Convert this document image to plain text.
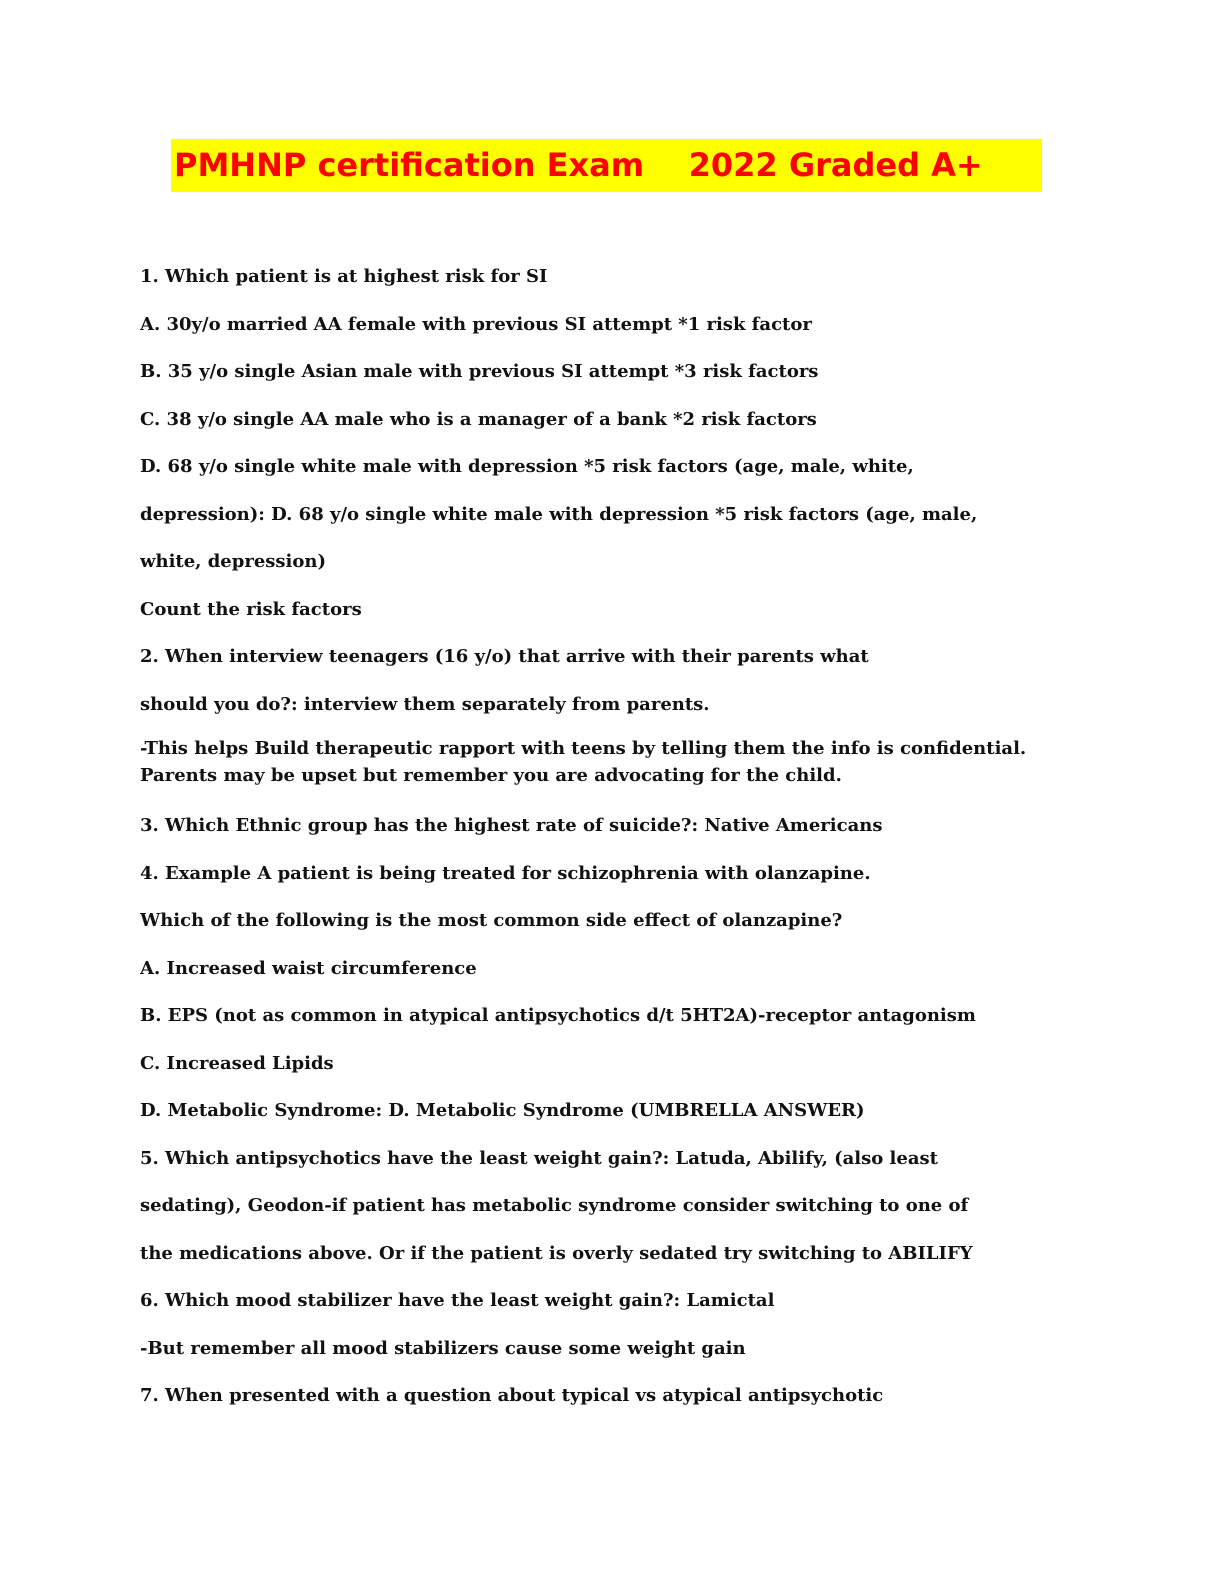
PMHNP certification Exam    2022 Graded A+
1. Which patient is at highest risk for SI
A. 30y/o married AA female with previous SI attempt *1 risk factor
B. 35 y/o single Asian male with previous SI attempt *3 risk factors
C. 38 y/o single AA male who is a manager of a bank *2 risk factors
D. 68 y/o single white male with depression *5 risk factors (age, male, white,
depression): D. 68 y/o single white male with depression *5 risk factors (age, male,
white, depression)
Count the risk factors
2. When interview teenagers (16 y/o) that arrive with their parents what
should you do?: interview them separately from parents.
-This helps Build therapeutic rapport with teens by telling them the info is confidential. Parents may be upset but remember you are advocating for the child.
3. Which Ethnic group has the highest rate of suicide?: Native Americans
4. Example A patient is being treated for schizophrenia with olanzapine.
Which of the following is the most common side effect of olanzapine?
A. Increased waist circumference
B. EPS (not as common in atypical antipsychotics d/t 5HT2A)-receptor antagonism
C. Increased Lipids
D. Metabolic Syndrome: D. Metabolic Syndrome (UMBRELLA ANSWER)
5. Which antipsychotics have the least weight gain?: Latuda, Abilify, (also least
sedating), Geodon-if patient has metabolic syndrome consider switching to one of
the medications above. Or if the patient is overly sedated try switching to ABILIFY
6. Which mood stabilizer have the least weight gain?: Lamictal
-But remember all mood stabilizers cause some weight gain
7. When presented with a question about typical vs atypical antipsychotic
